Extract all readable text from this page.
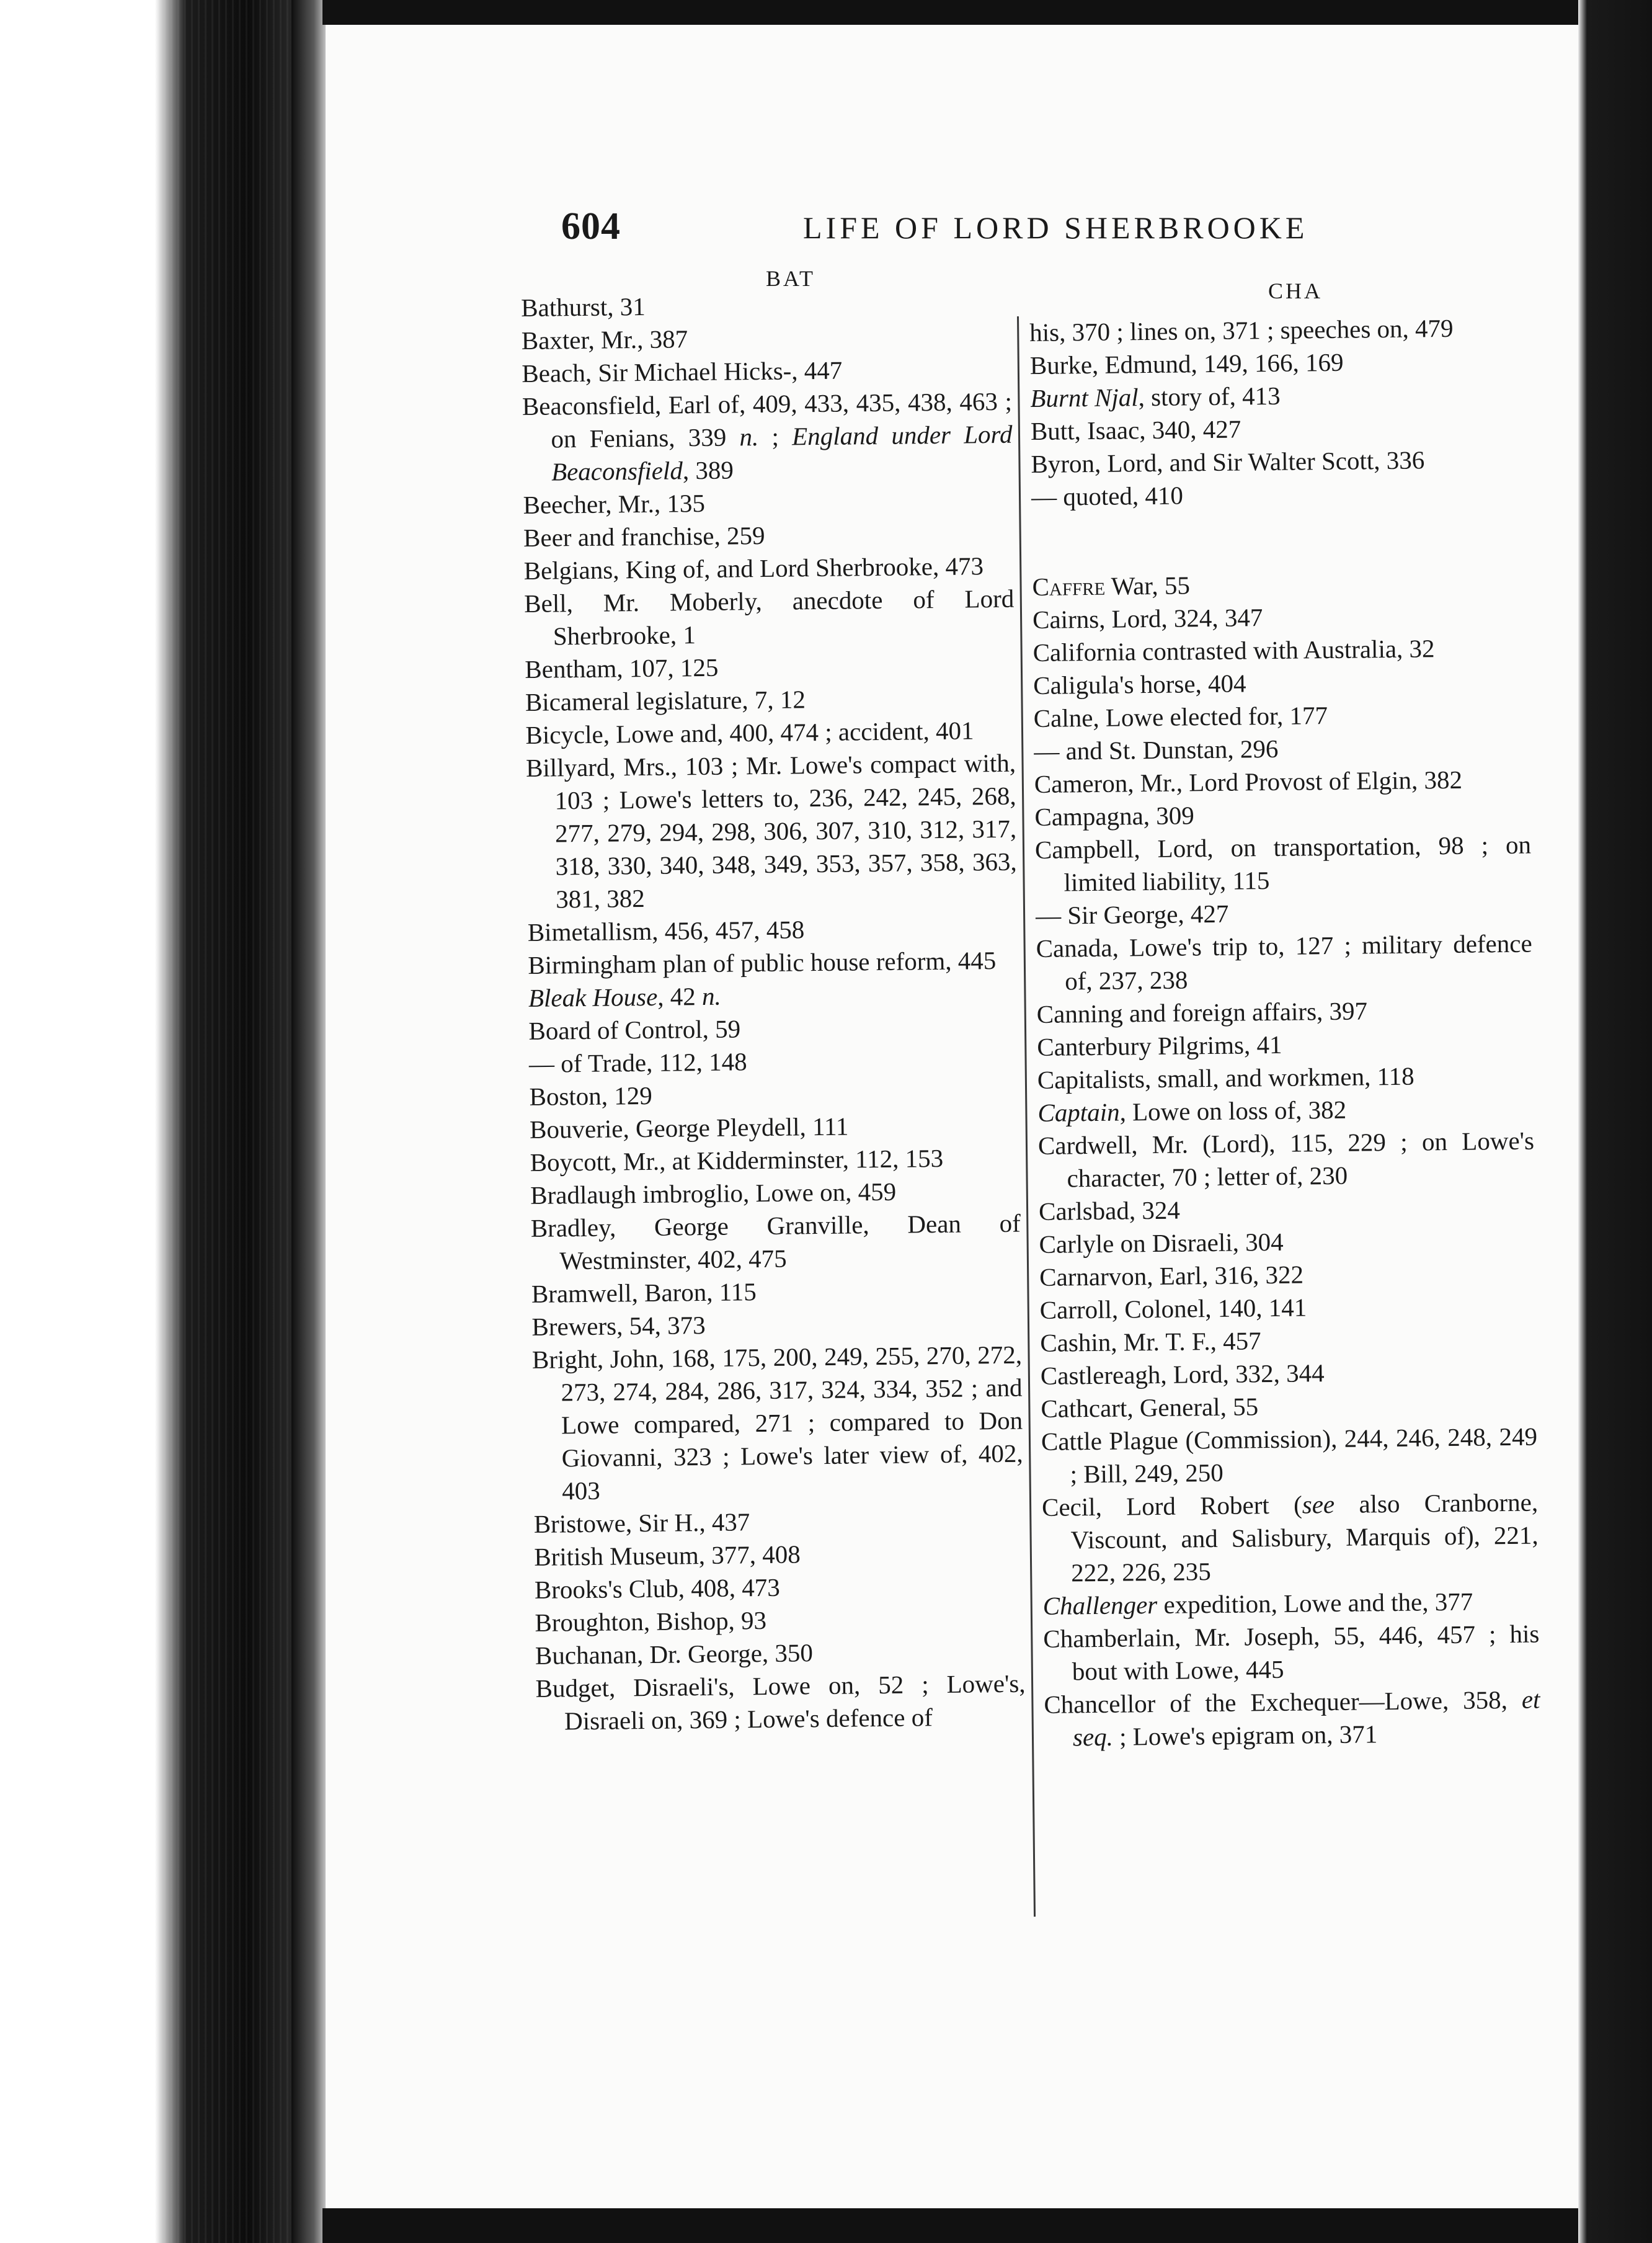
604	LIFE OF LORD SHERBROOKE
BAT	CHA

Bathurst, 31

Baxter, Mr., 387

Beach, Sir Michael Hicks-, 447

Beaconsfield, Earl of, 409, 433, 435, 438, 463 ; on Fenians, 339 n. ; England under Lord Beaconsfield, 389

Beecher, Mr., 135

Beer and franchise, 259

Belgians, King of, and Lord Sherbrooke, 473

Bell, Mr. Moberly, anecdote of Lord Sherbrooke, 1

Bentham, 107, 125

Bicameral legislature, 7, 12

Bicycle, Lowe and, 400, 474 ; accident, 401

Billyard, Mrs., 103 ; Mr. Lowe's compact with, 103 ; Lowe's letters to, 236, 242, 245, 268, 277, 279, 294, 298, 306, 307, 310, 312, 317, 318, 330, 340, 348, 349, 353, 357, 358, 363, 381, 382

Bimetallism, 456, 457, 458

Birmingham plan of public house reform, 445

Bleak House, 42 n.

Board of Control, 59

— of Trade, 112, 148

Boston, 129

Bouverie, George Pleydell, 111

Boycott, Mr., at Kidderminster, 112, 153

Bradlaugh imbroglio, Lowe on, 459

Bradley, George Granville, Dean of Westminster, 402, 475

Bramwell, Baron, 115

Brewers, 54, 373

Bright, John, 168, 175, 200, 249, 255, 270, 272, 273, 274, 284, 286, 317, 324, 334, 352 ; and Lowe compared, 271 ; compared to Don Giovanni, 323 ; Lowe's later view of, 402, 403

Bristowe, Sir H., 437

British Museum, 377, 408

Brooks's Club, 408, 473

Broughton, Bishop, 93

Buchanan, Dr. George, 350

Budget, Disraeli's, Lowe on, 52 ; Lowe's, Disraeli on, 369 ; Lowe's defence of

his, 370 ; lines on, 371 ; speeches on, 479

Burke, Edmund, 149, 166, 169

Burnt Njal, story of, 413

Butt, Isaac, 340, 427

Byron, Lord, and Sir Walter Scott, 336

— quoted, 410

Caffre War, 55

Cairns, Lord, 324, 347

California contrasted with Australia, 32

Caligula's horse, 404

Calne, Lowe elected for, 177

— and St. Dunstan, 296

Cameron, Mr., Lord Provost of Elgin, 382

Campagna, 309

Campbell, Lord, on transportation, 98 ; on limited liability, 115

— Sir George, 427

Canada, Lowe's trip to, 127 ; military defence of, 237, 238

Canning and foreign affairs, 397

Canterbury Pilgrims, 41

Capitalists, small, and workmen, 118

Captain, Lowe on loss of, 382

Cardwell, Mr. (Lord), 115, 229 ; on Lowe's character, 70 ; letter of, 230

Carlsbad, 324

Carlyle on Disraeli, 304

Carnarvon, Earl, 316, 322

Carroll, Colonel, 140, 141

Cashin, Mr. T. F., 457

Castlereagh, Lord, 332, 344

Cathcart, General, 55

Cattle Plague (Commission), 244, 246, 248, 249 ; Bill, 249, 250

Cecil, Lord Robert (see also Cranborne, Viscount, and Salisbury, Marquis of), 221, 222, 226, 235

Challenger expedition, Lowe and the, 377

Chamberlain, Mr. Joseph, 55, 446, 457 ; his bout with Lowe, 445

Chancellor of the Exchequer—Lowe, 358, et seq. ; Lowe's epigram on, 371
